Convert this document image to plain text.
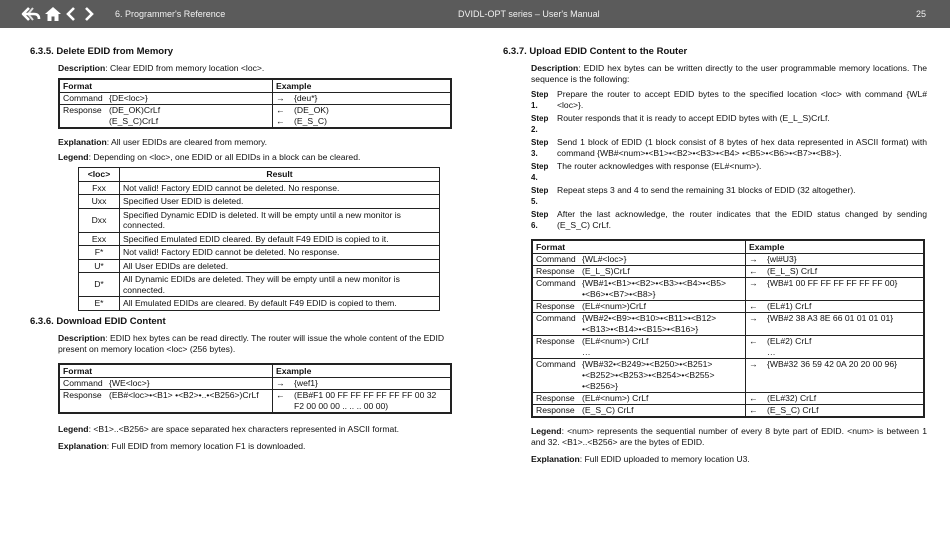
6. Programmer's Reference	DVIDL-OPT series – User's Manual	25
6.3.5. Delete EDID from Memory
Description: Clear EDID from memory location <loc>.
Format		Example	
Command	{DE<loc>}	→	{deu*}
Response	(DE_OK)CrLf	←	(DE_OK)
	(E_S_C)CrLf	←	(E_S_C)
Explanation: All user EDIDs are cleared from memory.
Legend: Depending on <loc>, one EDID or all EDIDs in a block can be cleared.
<loc>	Result
Fxx	Not valid! Factory EDID cannot be deleted. No response.
Uxx	Specified User EDID is deleted.
Dxx	Specified Dynamic EDID is deleted. It will be empty until a new monitor is connected.
Exx	Specified Emulated EDID cleared. By default F49 EDID is copied to it.
F*	Not valid! Factory EDID cannot be deleted. No response.
U*	All User EDIDs are deleted.
D*	All Dynamic EDIDs are deleted. They will be empty until a new monitor is connected.
E*	All Emulated EDIDs are cleared. By default F49 EDID is copied to them.
6.3.6. Download EDID Content
Description: EDID hex bytes can be read directly. The router will issue the whole content of the EDID present on memory location <loc> (256 bytes).
Format		Example	
Command	{WE<loc>}	→	{wef1}
Response	(EB#<loc>•<B1> •<B2>•..•<B256>)CrLf	←	(EB#F1 00 FF FF FF FF FF FF 00 32 F2 00 00 00 .. .. .. 00 00)
Legend: <B1>..<B256> are space separated hex characters represented in ASCII format.
Explanation: Full EDID from memory location F1 is downloaded.
6.3.7. Upload EDID Content to the Router
Description: EDID hex bytes can be written directly to the user programmable memory locations. The sequence is the following:
Step 1.
Prepare the router to accept EDID bytes to the specified location <loc> with command {WL#<loc>}.
Step 2.
Router responds that it is ready to accept EDID bytes with (E_L_S)CrLf.
Step 3.
Send 1 block of EDID (1 block consist of 8 bytes of hex data represented in ASCII format) with command {WB#<num>•<B1>•<B2>•<B3>•<B4> •<B5>•<B6>•<B7>•<B8>}.
Step 4.
The router acknowledges with response (EL#<num>).
Step 5.
Repeat steps 3 and 4 to send the remaining 31 blocks of EDID (32 altogether).
Step 6.
After the last acknowledge, the router indicates that the EDID status changed by sending (E_S_C) CrLf.
Format		Example	
Command	{WL#<loc>}	→	{wl#U3}
Response	(E_L_S)CrLf	←	(E_L_S) CrLf
Command	{WB#1•<B1>•<B2>•<B3>•<B4>•<B5> •<B6>•<B7>•<B8>}	→	{WB#1 00 FF FF FF FF FF FF 00}
Response	(EL#<num>)CrLf	←	(EL#1) CrLf
Command	{WB#2•<B9>•<B10>•<B11>•<B12> •<B13>•<B14>•<B15>•<B16>}	→	{WB#2 38 A3 8E 66 01 01 01 01}
Response	(EL#<num>) CrLf	←	(EL#2) CrLf
	…		…
Command	{WB#32•<B249>•<B250>•<B251> •<B252>•<B253>•<B254>•<B255> •<B256>}	→	{WB#32 36 59 42 0A 20 20 00 96}
Response	(EL#<num>) CrLf	←	(EL#32) CrLf
Response	(E_S_C) CrLf	←	(E_S_C) CrLf
Legend: <num> represents the sequential number of every 8 byte part of EDID. <num> is between 1 and 32. <B1>..<B256> are the bytes of EDID.
Explanation: Full EDID uploaded to memory location U3.
